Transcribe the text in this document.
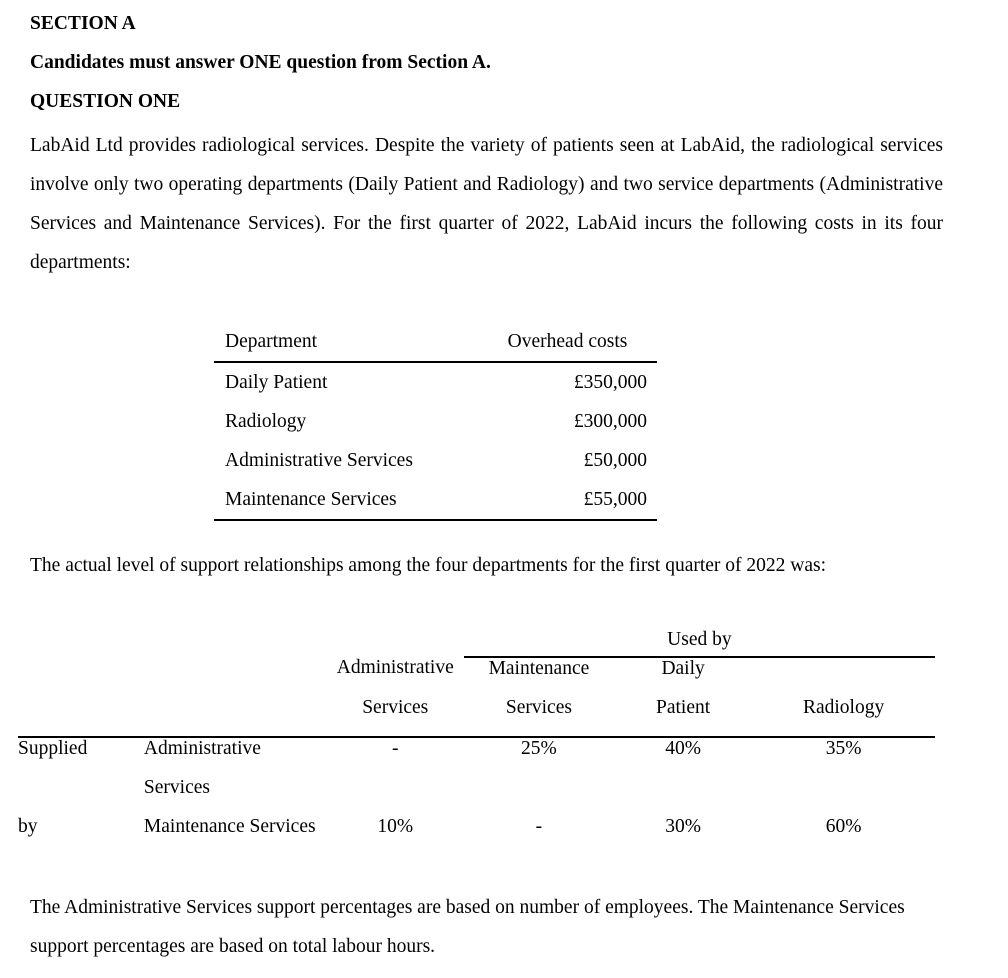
SECTION A
Candidates must answer ONE question from Section A.
QUESTION ONE
LabAid Ltd provides radiological services. Despite the variety of patients seen at LabAid, the radiological services involve only two operating departments (Daily Patient and Radiology) and two service departments (Administrative Services and Maintenance Services). For the first quarter of 2022, LabAid incurs the following costs in its four departments:
Department	Overhead costs
Daily Patient	£350,000
Radiology	£300,000
Administrative Services	£50,000
Maintenance Services	£55,000
The actual level of support relationships among the four departments for the first quarter of 2022 was:
			Used by		
		Administrative	Maintenance	Daily	
		Services	Services	Patient	Radiology
Supplied	Administrative	-	25%	40%	35%
	Services				
by	Maintenance Services	10%	-	30%	60%
The Administrative Services support percentages are based on number of employees. The Maintenance Services support percentages are based on total labour hours.
